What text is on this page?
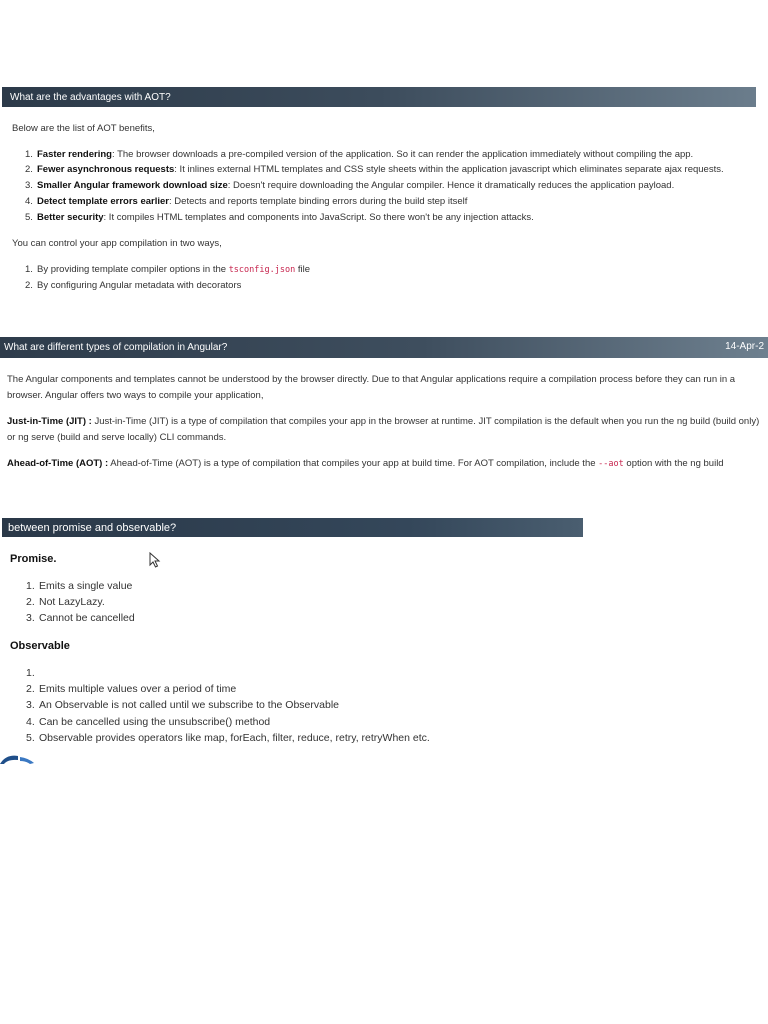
What are the advantages with AOT?
Below are the list of AOT benefits,
1. Faster rendering: The browser downloads a pre-compiled version of the application. So it can render the application immediately without compiling the app.
2. Fewer asynchronous requests: It inlines external HTML templates and CSS style sheets within the application javascript which eliminates separate ajax requests.
3. Smaller Angular framework download size: Doesn't require downloading the Angular compiler. Hence it dramatically reduces the application payload.
4. Detect template errors earlier: Detects and reports template binding errors during the build step itself
5. Better security: It compiles HTML templates and components into JavaScript. So there won't be any injection attacks.
You can control your app compilation in two ways,
1. By providing template compiler options in the tsconfig.json file
2. By configuring Angular metadata with decorators
What are different types of compilation in Angular?	14-Apr-2
The Angular components and templates cannot be understood by the browser directly. Due to that Angular applications require a compilation process before they can run in a
browser. Angular offers two ways to compile your application,
Just-in-Time (JIT) : Just-in-Time (JIT) is a type of compilation that compiles your app in the browser at runtime. JIT compilation is the default when you run the ng build (build only)
or ng serve (build and serve locally) CLI commands.
Ahead-of-Time (AOT) : Ahead-of-Time (AOT) is a type of compilation that compiles your app at build time. For AOT compilation, include the --aot option with the ng build
between promise and observable?
Promise.
1. Emits a single value
2. Not LazyLazy.
3. Cannot be cancelled
Observable
1.
2. Emits multiple values over a period of time
3. An Observable is not called until we subscribe to the Observable
4. Can be cancelled using the unsubscribe() method
5. Observable provides operators like map, forEach, filter, reduce, retry, retryWhen etc.
